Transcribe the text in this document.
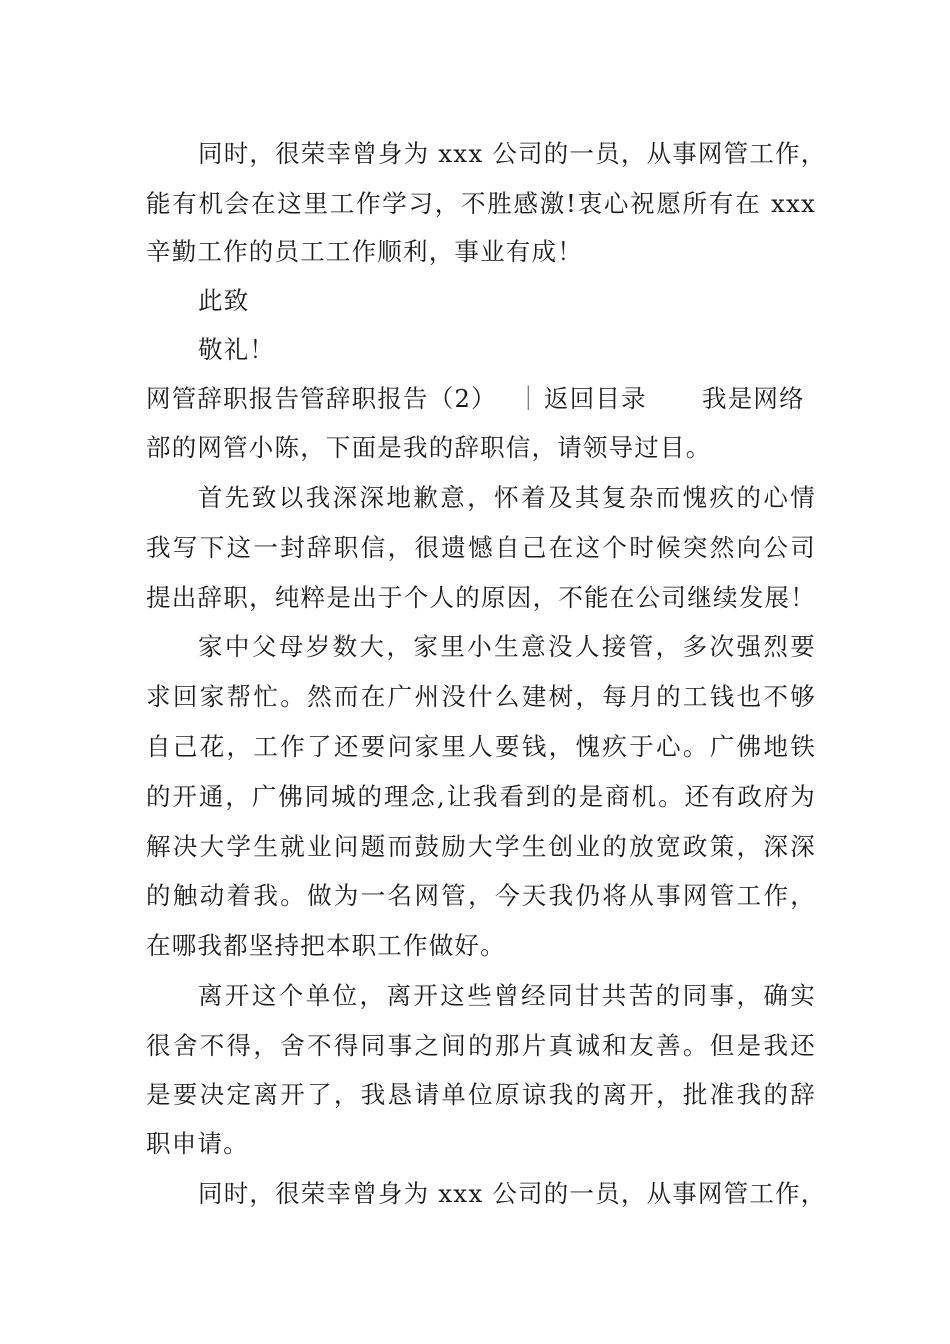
同时，很荣幸曾身为 xxx 公司的一员，从事网管工作，
能有机会在这里工作学习，不胜感激!衷心祝愿所有在 xxx
辛勤工作的员工工作顺利，事业有成！
此致
敬礼！
网管辞职报告管辞职报告（2） ｜ 返回目录 我是网络
部的网管小陈，下面是我的辞职信，请领导过目。
首先致以我深深地歉意，怀着及其复杂而愧疚的心情
我写下这一封辞职信，很遗憾自己在这个时候突然向公司
提出辞职，纯粹是出于个人的原因，不能在公司继续发展！
家中父母岁数大，家里小生意没人接管，多次强烈要
求回家帮忙。然而在广州没什么建树，每月的工钱也不够
自己花，工作了还要问家里人要钱，愧疚于心。广佛地铁
的开通，广佛同城的理念,让我看到的是商机。还有政府为
解决大学生就业问题而鼓励大学生创业的放宽政策，深深
的触动着我。做为一名网管，今天我仍将从事网管工作，
在哪我都坚持把本职工作做好。
离开这个单位，离开这些曾经同甘共苦的同事，确实
很舍不得，舍不得同事之间的那片真诚和友善。但是我还
是要决定离开了，我恳请单位原谅我的离开，批准我的辞
职申请。
同时，很荣幸曾身为 xxx 公司的一员，从事网管工作，
